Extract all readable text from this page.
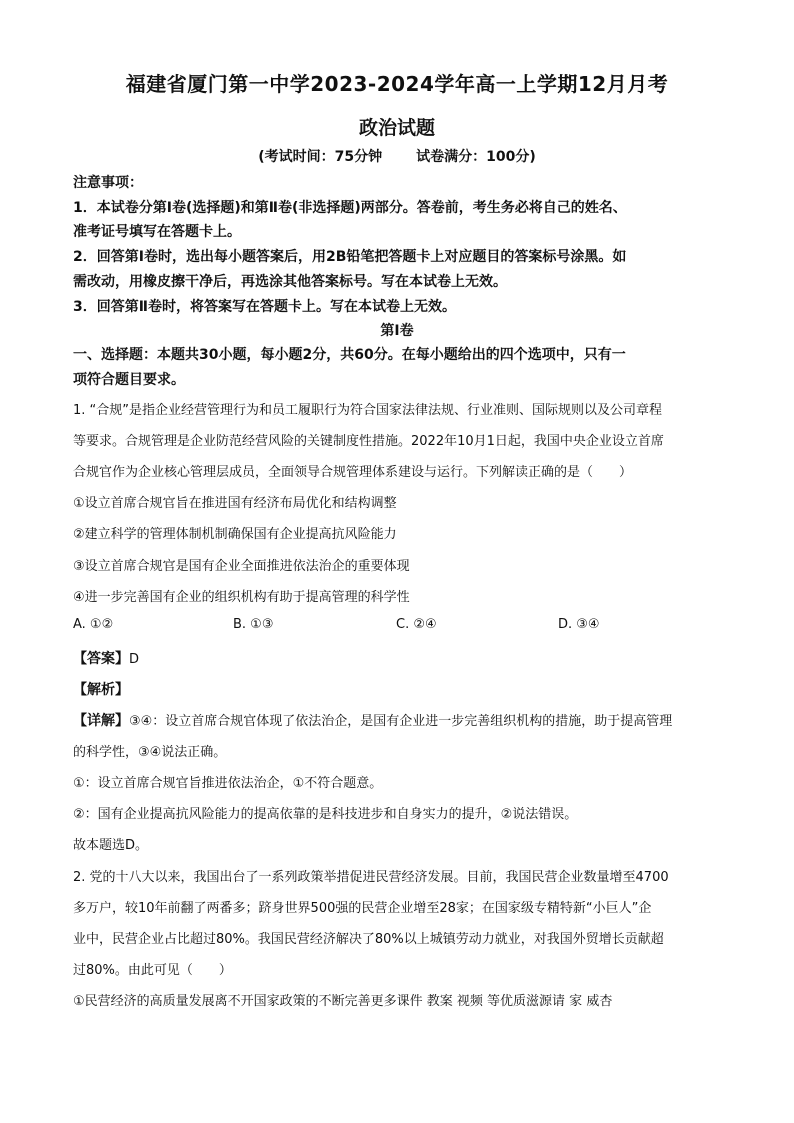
福建省厦门第一中学2023-2024学年高一上学期12月月考
政治试题
(考试时间：75分钟 试卷满分：100分)
注意事项：
1．本试卷分第Ⅰ卷(选择题)和第Ⅱ卷(非选择题)两部分。答卷前，考生务必将自己的姓名、
准考证号填写在答题卡上。
2．回答第Ⅰ卷时，选出每小题答案后，用2B铅笔把答题卡上对应题目的答案标号涂黑。如
需改动，用橡皮擦干净后，再选涂其他答案标号。写在本试卷上无效。
3．回答第Ⅱ卷时，将答案写在答题卡上。写在本试卷上无效。
第Ⅰ卷
一、选择题：本题共30小题，每小题2分，共60分。在每小题给出的四个选项中，只有一
项符合题目要求。
1. “合规”是指企业经营管理行为和员工履职行为符合国家法律法规、行业准则、国际规则以及公司章程
等要求。合规管理是企业防范经营风险的关键制度性措施。2022年10月1日起，我国中央企业设立首席
合规官作为企业核心管理层成员，全面领导合规管理体系建设与运行。下列解读正确的是（　　）
①设立首席合规官旨在推进国有经济布局优化和结构调整
②建立科学的管理体制机制确保国有企业提高抗风险能力
③设立首席合规官是国有企业全面推进依法治企的重要体现
④进一步完善国有企业的组织机构有助于提高管理的科学性
A. ①②	B. ①③	C. ②④	D. ③④
【答案】D
【解析】
【详解】③④：设立首席合规官体现了依法治企，是国有企业进一步完善组织机构的措施，助于提高管理
的科学性，③④说法正确。
①：设立首席合规官旨推进依法治企，①不符合题意。
②：国有企业提高抗风险能力的提高依靠的是科技进步和自身实力的提升，②说法错误。
故本题选D。
2. 党的十八大以来，我国出台了一系列政策举措促进民营经济发展。目前，我国民营企业数量增至4700
多万户，较10年前翻了两番多；跻身世界500强的民营企业增至28家；在国家级专精特新“小巨人”企
业中，民营企业占比超过80%。我国民营经济解决了80%以上城镇劳动力就业，对我国外贸增长贡献超
过80%。由此可见（　　）
①民营经济的高质量发展离不开国家政策的不断完善更多课件 教案 视频 等优质滋源请 家 威杏
